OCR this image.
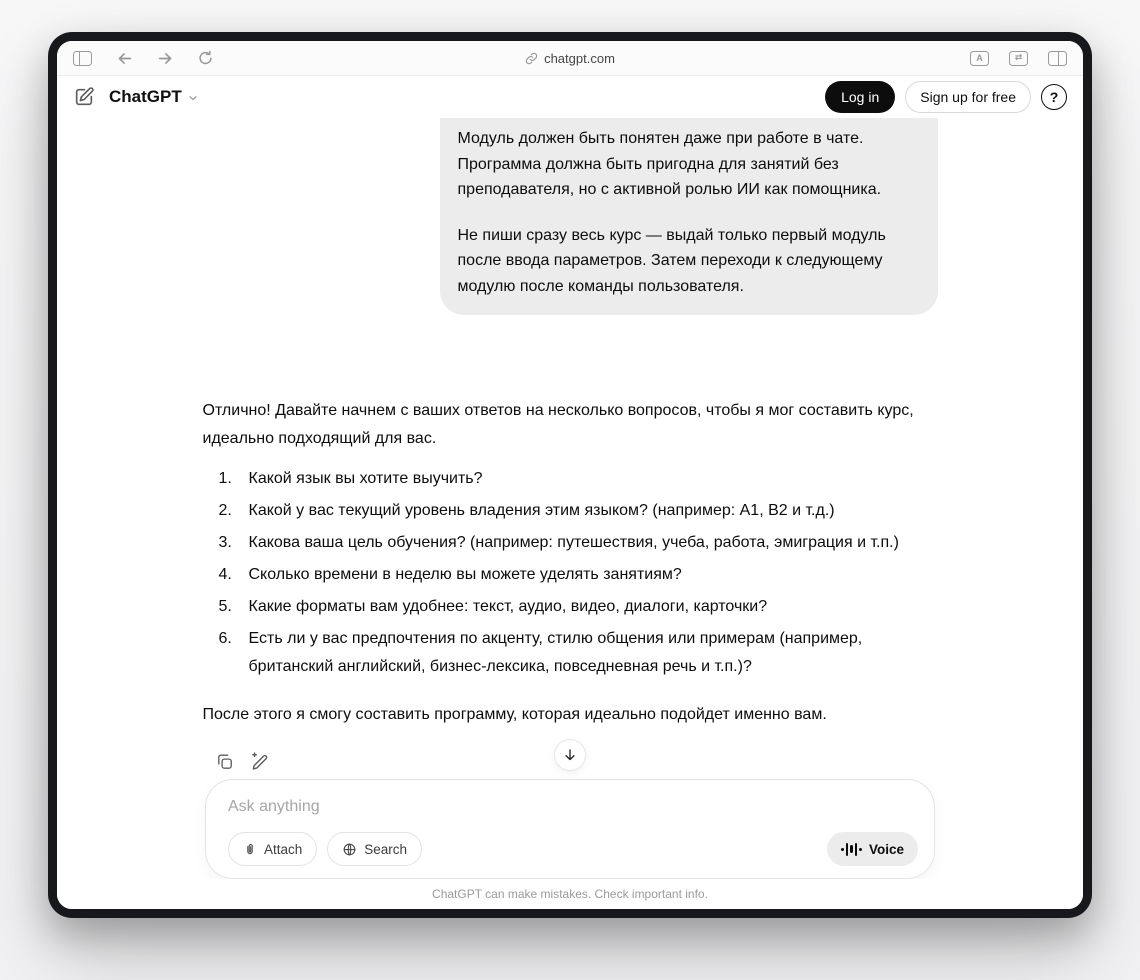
chatgpt.com	A	⇄
ChatGPT	Log in	Sign up for free	?

Модуль должен быть понятен даже при работе в чате. Программа должна быть пригодна для занятий без преподавателя, но с активной ролью ИИ как помощника.

Не пиши сразу весь курс — выдай только первый модуль после ввода параметров. Затем переходи к следующему модулю после команды пользователя.

Отлично! Давайте начнем с ваших ответов на несколько вопросов, чтобы я мог составить курс, идеально подходящий для вас.

Какой язык вы хотите выучить?
Какой у вас текущий уровень владения этим языком? (например: A1, B2 и т.д.)
Какова ваша цель обучения? (например: путешествия, учеба, работа, эмиграция и т.п.)
Сколько времени в неделю вы можете уделять занятиям?
Какие форматы вам удобнее: текст, аудио, видео, диалоги, карточки?
Есть ли у вас предпочтения по акценту, стилю общения или примерам (например, британский английский, бизнес-лексика, повседневная речь и т.п.)?

После этого я смогу составить программу, которая идеально подойдет именно вам.

Ask anything
Attach	Search	Voice
ChatGPT can make mistakes. Check important info.
